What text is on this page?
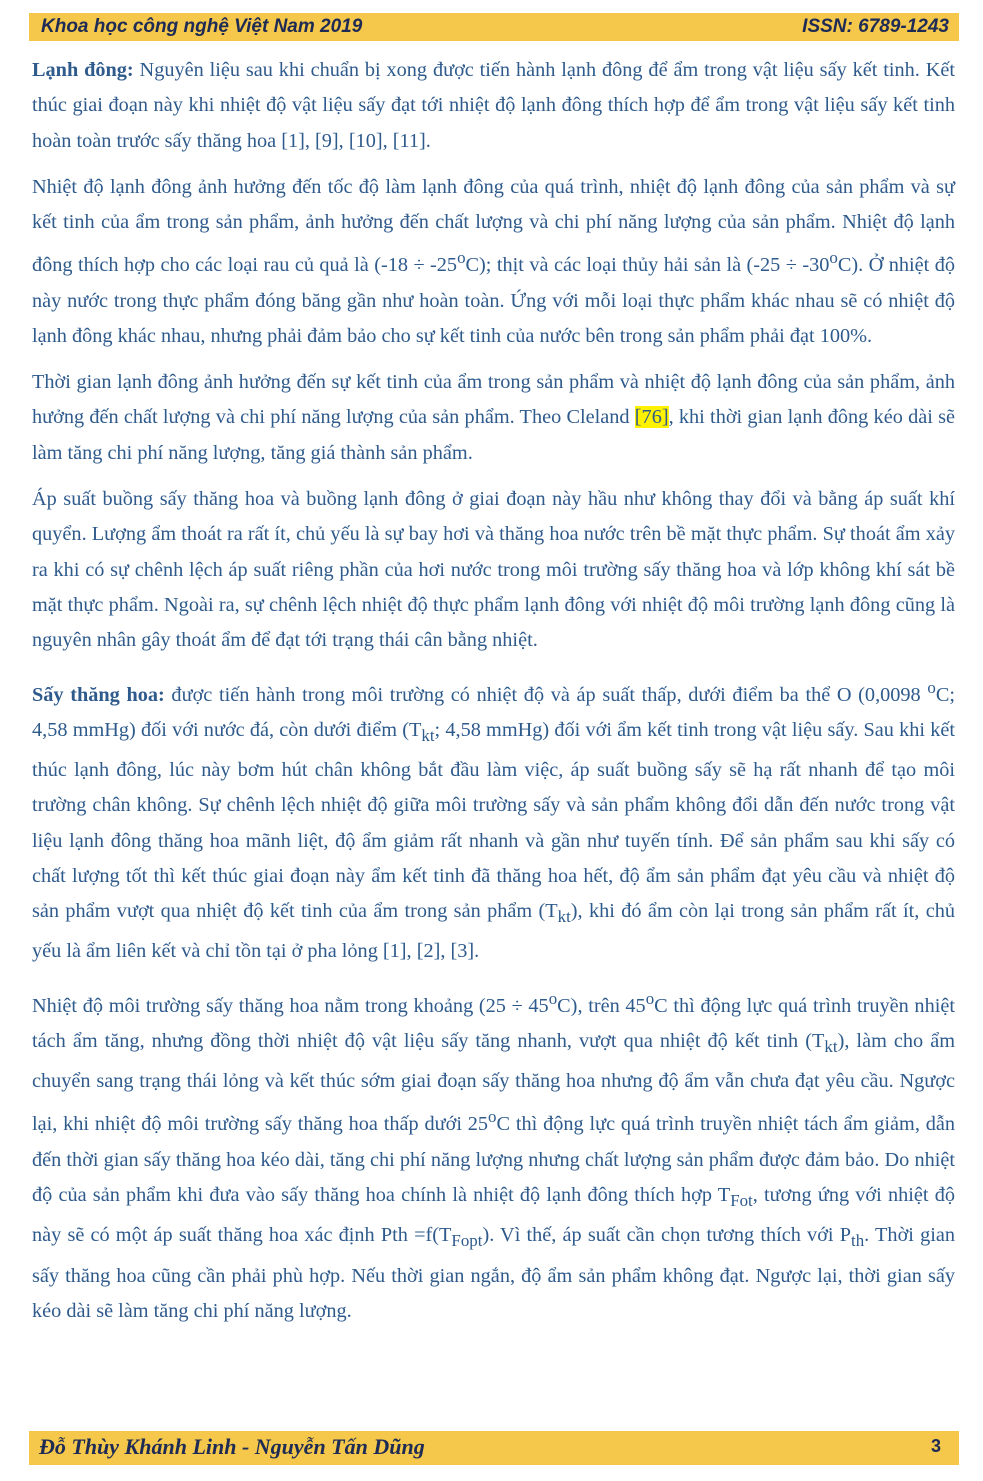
Khoa học công nghệ Việt Nam 2019	ISSN: 6789-1243

Lạnh đông: Nguyên liệu sau khi chuẩn bị xong được tiến hành lạnh đông để ẩm trong vật liệu sấy kết tinh. Kết thúc giai đoạn này khi nhiệt độ vật liệu sấy đạt tới nhiệt độ lạnh đông thích hợp để ẩm trong vật liệu sấy kết tinh hoàn toàn trước sấy thăng hoa [1], [9], [10], [11].

Nhiệt độ lạnh đông ảnh hưởng đến tốc độ làm lạnh đông của quá trình, nhiệt độ lạnh đông của sản phẩm và sự kết tinh của ẩm trong sản phẩm, ảnh hưởng đến chất lượng và chi phí năng lượng của sản phẩm. Nhiệt độ lạnh đông thích hợp cho các loại rau củ quả là $(-18 \div -25^oC)$; thịt và các loại thủy hải sản là $(-25 \div -30^oC)$. Ở nhiệt độ này nước trong thực phẩm đóng băng gần như hoàn toàn. Ứng với mỗi loại thực phẩm khác nhau sẽ có nhiệt độ lạnh đông khác nhau, nhưng phải đảm bảo cho sự kết tinh của nước bên trong sản phẩm phải đạt 100%.

Thời gian lạnh đông ảnh hưởng đến sự kết tinh của ẩm trong sản phẩm và nhiệt độ lạnh đông của sản phẩm, ảnh hưởng đến chất lượng và chi phí năng lượng của sản phẩm. Theo Cleland [76], khi thời gian lạnh đông kéo dài sẽ làm tăng chi phí năng lượng, tăng giá thành sản phẩm.

Áp suất buồng sấy thăng hoa và buồng lạnh đông ở giai đoạn này hầu như không thay đổi và bằng áp suất khí quyển. Lượng ẩm thoát ra rất ít, chủ yếu là sự bay hơi và thăng hoa nước trên bề mặt thực phẩm. Sự thoát ẩm xảy ra khi có sự chênh lệch áp suất riêng phần của hơi nước trong môi trường sấy thăng hoa và lớp không khí sát bề mặt thực phẩm. Ngoài ra, sự chênh lệch nhiệt độ thực phẩm lạnh đông với nhiệt độ môi trường lạnh đông cũng là nguyên nhân gây thoát ẩm để đạt tới trạng thái cân bằng nhiệt.

Sấy thăng hoa: được tiến hành trong môi trường có nhiệt độ và áp suất thấp, dưới điểm ba thể O (0,0098 $^o$C; 4,58 mmHg) đối với nước đá, còn dưới điểm ($T_{kt}$; 4,58 mmHg) đối với ẩm kết tinh trong vật liệu sấy. Sau khi kết thúc lạnh đông, lúc này bơm hút chân không bắt đầu làm việc, áp suất buồng sấy sẽ hạ rất nhanh để tạo môi trường chân không. Sự chênh lệch nhiệt độ giữa môi trường sấy và sản phẩm không đổi dẫn đến nước trong vật liệu lạnh đông thăng hoa mãnh liệt, độ ẩm giảm rất nhanh và gần như tuyến tính. Để sản phẩm sau khi sấy có chất lượng tốt thì kết thúc giai đoạn này ẩm kết tinh đã thăng hoa hết, độ ẩm sản phẩm đạt yêu cầu và nhiệt độ sản phẩm vượt qua nhiệt độ kết tinh của ẩm trong sản phẩm $(T_{kt})$, khi đó ẩm còn lại trong sản phẩm rất ít, chủ yếu là ẩm liên kết và chỉ tồn tại ở pha lỏng [1], [2], [3].

Nhiệt độ môi trường sấy thăng hoa nằm trong khoảng $(25 \div 45^oC)$, trên 45$^o$C thì động lực quá trình truyền nhiệt tách ẩm tăng, nhưng đồng thời nhiệt độ vật liệu sấy tăng nhanh, vượt qua nhiệt độ kết tinh $(T_{kt})$, làm cho ẩm chuyển sang trạng thái lỏng và kết thúc sớm giai đoạn sấy thăng hoa nhưng độ ẩm vẫn chưa đạt yêu cầu. Ngược lại, khi nhiệt độ môi trường sấy thăng hoa thấp dưới 25$^o$C thì động lực quá trình truyền nhiệt tách ẩm giảm, dẫn đến thời gian sấy thăng hoa kéo dài, tăng chi phí năng lượng nhưng chất lượng sản phẩm được đảm bảo. Do nhiệt độ của sản phẩm khi đưa vào sấy thăng hoa chính là nhiệt độ lạnh đông thích hợp $T_{Fot}$, tương ứng với nhiệt độ này sẽ có một áp suất thăng hoa xác định Pth $=f(T_{Fopt})$. Vì thế, áp suất cần chọn tương thích với $P_{th}$. Thời gian sấy thăng hoa cũng cần phải phù hợp. Nếu thời gian ngắn, độ ẩm sản phẩm không đạt. Ngược lại, thời gian sấy kéo dài sẽ làm tăng chi phí năng lượng.

Đỗ Thùy Khánh Linh - Nguyễn Tấn Dũng	3
